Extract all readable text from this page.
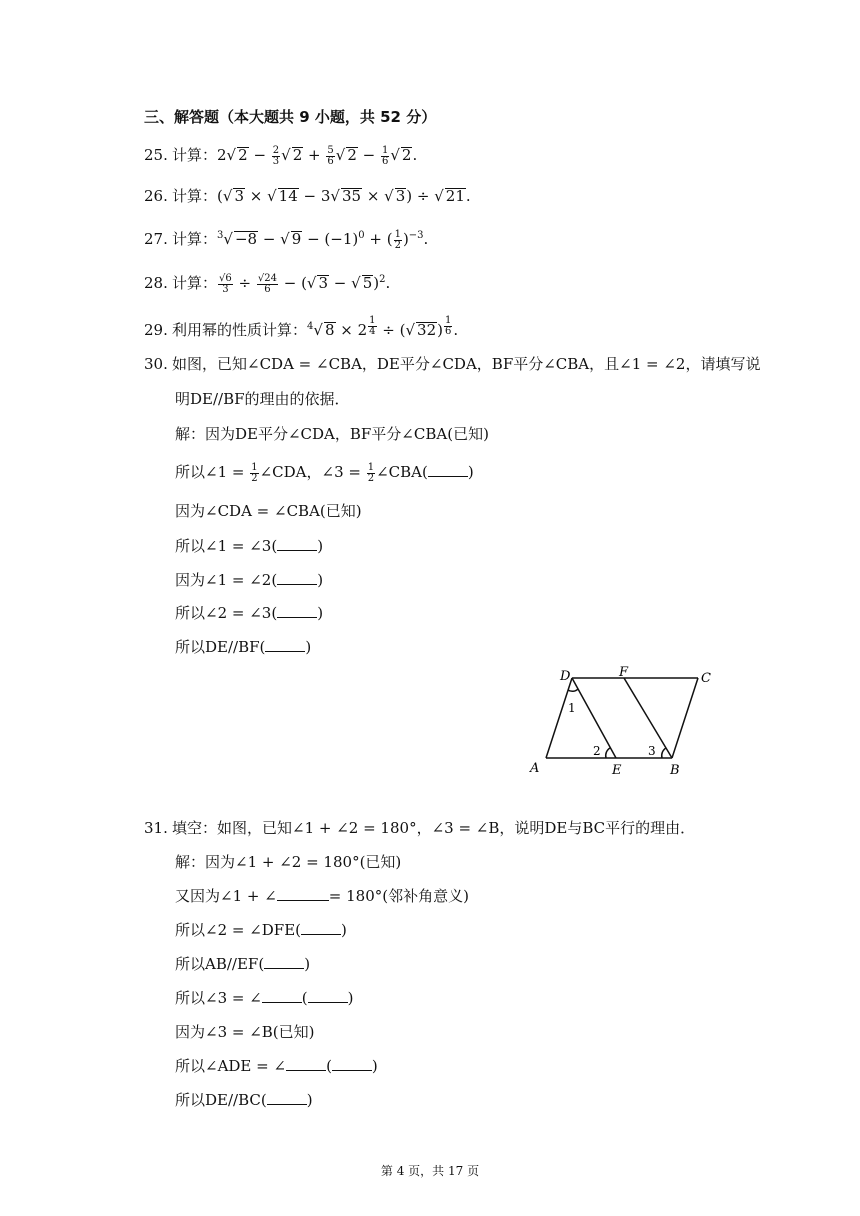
三、解答题（本大题共 9 小题，共 52 分）
25. 计算：2√ $2 - \frac{2}{3}$ √ $2 + \frac{5}{6}$ √ $2 - \frac{1}{6}$ √ 2.
26. 计算：(√ 3 × √ 14 − 3√ 35 × √ 3) ÷ √ 21.
27. 计算：$^3$√ −8 − √ $9 - (-1)^0$ + ( $\frac{1}{2} )^{-3}$.
28. 计算： $\frac{√6}{3} \div \frac{√24}{6}$ − (√ 3 − √ 5)$^2$.
29. 利用幂的性质计算：$^4$√ 8 × 2 $^{\frac{1}{4}}$ ÷ (√ 32) $^{\frac{1}{6}}$ .
30. 如图，已知∠CDA = ∠CBA，DE平分∠CDA，BF平分∠CBA，且∠1 = ∠2，请填写说
明DE//BF的理由的依据．
解：因为DE平分∠CDA，BF平分∠CBA(已知)
所以∠1 = $\frac{1}{2}$ ∠CDA，∠3 = $\frac{1}{2}$ ∠CBA(	)
因为∠CDA = ∠CBA(已知)
所以∠1 = ∠3(	)
因为∠1 = ∠2(	)
所以∠2 = ∠3(	)
所以DE//BF(	)
D	F	C
A	E	B
1
2	3
31. 填空：如图，已知∠1 + ∠2 = 180°，∠3 = ∠B，说明DE与BC平行的理由．
解：因为∠1 + ∠2 = 180°(已知)
又因为∠1 + ∠	= 180°(邻补角意义)
所以∠2 = ∠DFE(	)
所以AB//EF(	)
所以∠3 = ∠	(	)
因为∠3 = ∠B(已知)
所以∠ADE = ∠	(	)
所以DE//BC(	)
第 4 页，共 17 页
